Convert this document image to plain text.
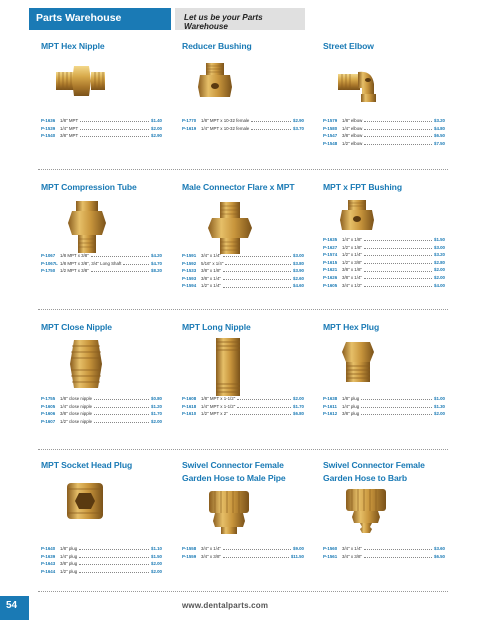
Parts Warehouse	Let us be your Parts Warehouse
MPT Hex Nipple
P-1636	1/8" MPT	$1.40
P-1539	1/4" MPT	$2.00
P-1540	3/8" MPT	$2.90
Reducer Bushing
P-1770	1/8" MPT x 10-32 female	$2.90
P-1619	1/4" MPT x 10-32 female	$3.70
Street Elbow
P-1579	1/8" elbow	$3.20
P-1580	1/4" elbow	$4.80
P-1547	3/8" elbow	$6.50
P-1548	1/2" elbow	$7.50
MPT Compression Tube
P-1067	1/8 MPT x 3/8"	$4.20
P-1067L 1/8 MPT x 3/8", 3/4" Long Shaft	$4.70
P-1750	1/2 MPT x 3/8"	$8.20
Male Connector Flare x MPT
P-1591	3/4" x 1/4"	$3.00
P-1592	5/16" x 1/4"	$3.80
P-1533	3/8" x 1/8"	$3.90
P-1593	3/8" x 1/4"	$2.60
P-1594	1/2" x 1/4"	$4.60
MPT x FPT Bushing
P-1635	1/4" x 1/8"	$1.50
P-1627	1/2" x 1/8"	$3.00
P-1574	1/2" x 1/4"	$3.20
P-1615	1/2" x 3/8"	$2.80
P-1621	3/8" x 1/8"	$2.00
P-1626	3/8" x 1/4"	$2.00
P-1605	3/4" x 1/2"	$4.00
MPT Close Nipple
P-1755	1/8" close nipple	$0.80
P-1605	1/4" close nipple	$1.20
P-1606	3/8" close nipple	$1.70
P-1607	1/2" close nipple	$2.00
MPT Long Nipple
P-1608	1/8" MPT x 1-1/2"	$2.00
P-1618	1/4" MPT x 1-1/2"	$1.70
P-1610	1/2" MPT x 2"	$6.80
MPT Hex Plug
P-1638	1/8" plug	$1.00
P-1611	1/4" plug	$1.30
P-1612	3/8" plug	$2.00
MPT Socket Head Plug
P-1640	1/8" plug	$1.10
P-1639	1/4" plug	$1.50
P-1643	3/8" plug	$2.00
P-1644	1/2" plug	$2.00
Swivel Connector Female Garden Hose to Male Pipe
P-1558	3/4" x 1/4"	$9.00
P-1559	3/4" x 3/8"	$11.50
Swivel Connector Female Garden Hose to Barb
P-1560	3/4" x 1/4"	$3.60
P-1561	3/4" x 3/8"	$6.50
54	www.dentalparts.com
